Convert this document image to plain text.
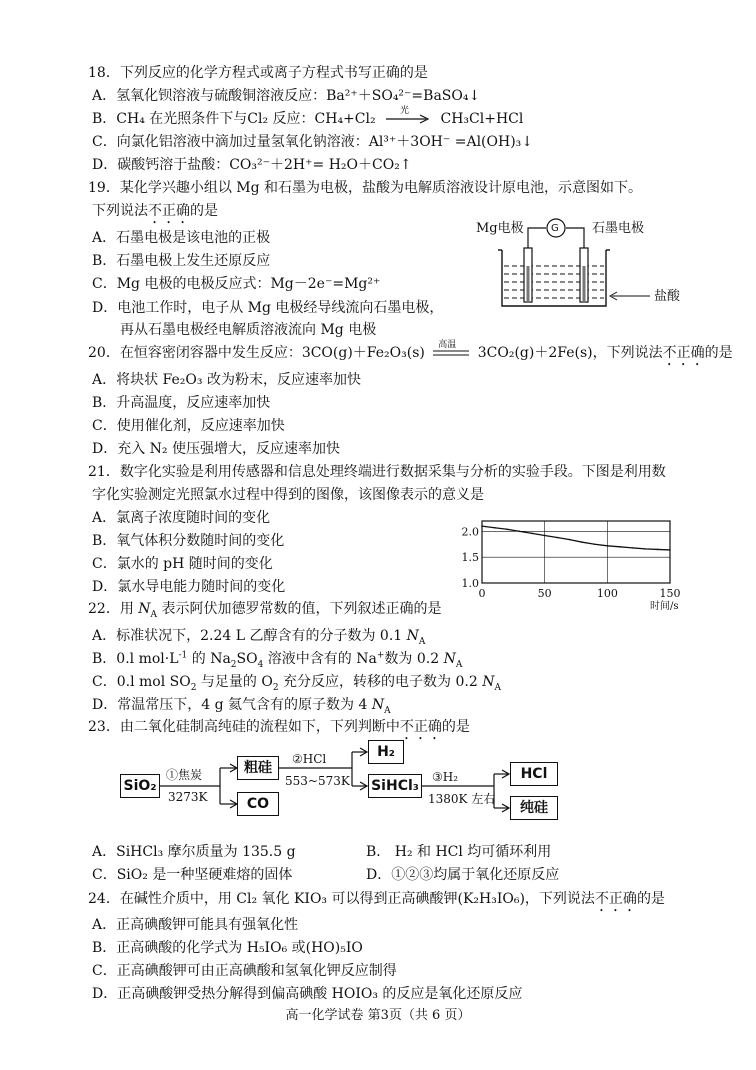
18．下列反应的化学方程式或离子方程式书写正确的是
A．氢氧化钡溶液与硫酸铜溶液反应：Ba²⁺＋SO₄²⁻=BaSO₄↓
B．CH₄ 在光照条件下与Cl₂ 反应：CH₄+Cl₂	光 CH₃Cl+HCl
C．向氯化铝溶液中滴加过量氢氧化钠溶液：Al³⁺＋3OH⁻ =Al(OH)₃↓
D．碳酸钙溶于盐酸：CO₃²⁻＋2H⁺= H₂O＋CO₂↑
19．某化学兴趣小组以 Mg 和石墨为电极，盐酸为电解质溶液设计原电池，示意图如下。
下列说法不正确的是
A．石墨电极是该电池的正极
B．石墨电极上发生还原反应
C．Mg 电极的电极反应式：Mg－2e⁻=Mg²⁺
D．电池工作时，电子从 Mg 电极经导线流向石墨电极，
再从石墨电极经电解质溶液流向 Mg 电极
Mg电极	G	石墨电极
盐酸
20．在恒容密闭容器中发生反应：3CO(g)＋Fe₂O₃(s) 高温 3CO₂(g)＋2Fe(s)，下列说法不正确的是
A．将块状 Fe₂O₃ 改为粉末，反应速率加快
B．升高温度，反应速率加快
C．使用催化剂，反应速率加快
D．充入 N₂ 使压强增大，反应速率加快
21．数字化实验是利用传感器和信息处理终端进行数据采集与分析的实验手段。下图是利用数
字化实验测定光照氯水过程中得到的图像，该图像表示的意义是
A．氯离子浓度随时间的变化
B．氧气体积分数随时间的变化
C．氯水的 pH 随时间的变化
D．氯水导电能力随时间的变化	0	50	100	150
1.0
1.5
2.0
时间/s
22．用 $N_A$ 表示阿伏加德罗常数的值，下列叙述正确的是
A．标准状况下，2.24 L 乙醇含有的分子数为 0.1 $N_A$
B．0.l $mol\cdot L^{-1}$ 的 $Na_2SO_4$ 溶液中含有的 Na+数为 0.2 $N_A$
C．0.l mol $SO_2$ 与足量的 $O_2$ 充分反应，转移的电子数为 0.2 $N_A$
D．常温常压下，4 g 氦气含有的原子数为 4 $N_A$
23．由二氧化硅制高纯硅的流程如下，下列判断中不正确的是
SiO₂
①焦炭
3273K
粗硅
CO
②HCl
553~573K
H₂
SiHCl₃
③H₂
1380K 左右
HCl
纯硅
A．SiHCl₃ 摩尔质量为 135.5 g	B． H₂ 和 HCl 均可循环利用
C．SiO₂ 是一种坚硬难熔的固体	D．①②③均属于氧化还原反应
24．在碱性介质中，用 Cl₂ 氧化 KIO₃ 可以得到正高碘酸钾(K₂H₃IO₆)，下列说法不正确的是
A．正高碘酸钾可能具有强氧化性
B．正高碘酸的化学式为 H₅IO₆ 或(HO)₅IO
C．正高碘酸钾可由正高碘酸和氢氧化钾反应制得
D．正高碘酸钾受热分解得到偏高碘酸 HOIO₃ 的反应是氧化还原反应
高一化学试卷 第3页（共 6 页）
